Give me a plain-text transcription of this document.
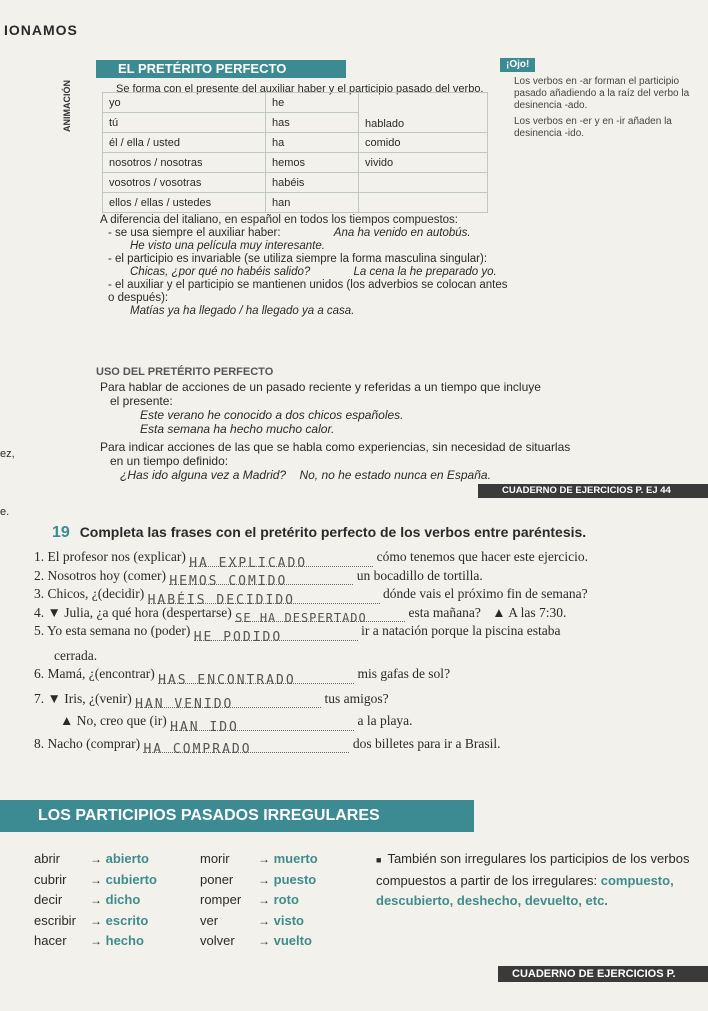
IONAMOS
ANIMACIÓN
EL PRETÉRITO PERFECTO
Se forma con el presente del auxiliar haber y el participio pasado del verbo.
yo	he	hablado
tú	has	
él / ella / usted	ha	comido
nosotros / nosotras	hemos	vivido
vosotros / vosotras	habéis	
ellos / ellas / ustedes	han	
¡Ojo!
Los verbos en -ar forman el participio pasado añadiendo a la raíz del verbo la desinencia -ado.
Los verbos en -er y en -ir añaden la desinencia -ido.
A diferencia del italiano, en español en todos los tiempos compuestos:
- se usa siempre el auxiliar haber:	Ana ha venido en autobús.
He visto una película muy interesante.
- el participio es invariable (se utiliza siempre la forma masculina singular):
Chicas, ¿por qué no habéis salido?	La cena la he preparado yo.
- el auxiliar y el participio se mantienen unidos (los adverbios se colocan antes
o después):
Matías ya ha llegado / ha llegado ya a casa.
USO DEL PRETÉRITO PERFECTO
Para hablar de acciones de un pasado reciente y referidas a un tiempo que incluye
el presente:
Este verano he conocido a dos chicos españoles.
Esta semana ha hecho mucho calor.
Para indicar acciones de las que se habla como experiencias, sin necesidad de situarlas
en un tiempo definido:
¿Has ido alguna vez a Madrid? No, no he estado nunca en España.
ez,
e.
CUADERNO DE EJERCICIOS P. EJ 44
19 Completa las frases con el pretérito perfecto de los verbos entre paréntesis.
1. El profesor nos (explicar) HA EXPLICADO	cómo tenemos que hacer este ejercicio.
2. Nosotros hoy (comer) HEMOS COMIDO	un bocadillo de tortilla.
3. Chicos, ¿(decidir) HABÉIS DECIDIDO	dónde vais el próximo fin de semana?
4. ▼ Julia, ¿a qué hora (despertarse) SE HA DESPERTADO	esta mañana? ▲ A las 7:30.
5. Yo esta semana no (poder) HE PODIDO	ir a natación porque la piscina estaba
cerrada.
6. Mamá, ¿(encontrar) HAS ENCONTRADO	mis gafas de sol?
7. ▼ Iris, ¿(venir) HAN VENIDO	tus amigos?
▲ No, creo que (ir) HAN IDO	a la playa.
8. Nacho (comprar) HA COMPRADO	dos billetes para ir a Brasil.
LOS PARTICIPIOS PASADOS IRREGULARES
abrir → abierto
cubrir → cubierto
decir → dicho
escribir → escrito
hacer → hecho
morir → muerto
poner → puesto
romper → roto
ver	→ visto
volver → vuelto
■ También son irregulares los participios de los verbos compuestos a partir de los irregulares: compuesto, descubierto, deshecho, devuelto, etc.
CUADERNO DE EJERCICIOS P.
